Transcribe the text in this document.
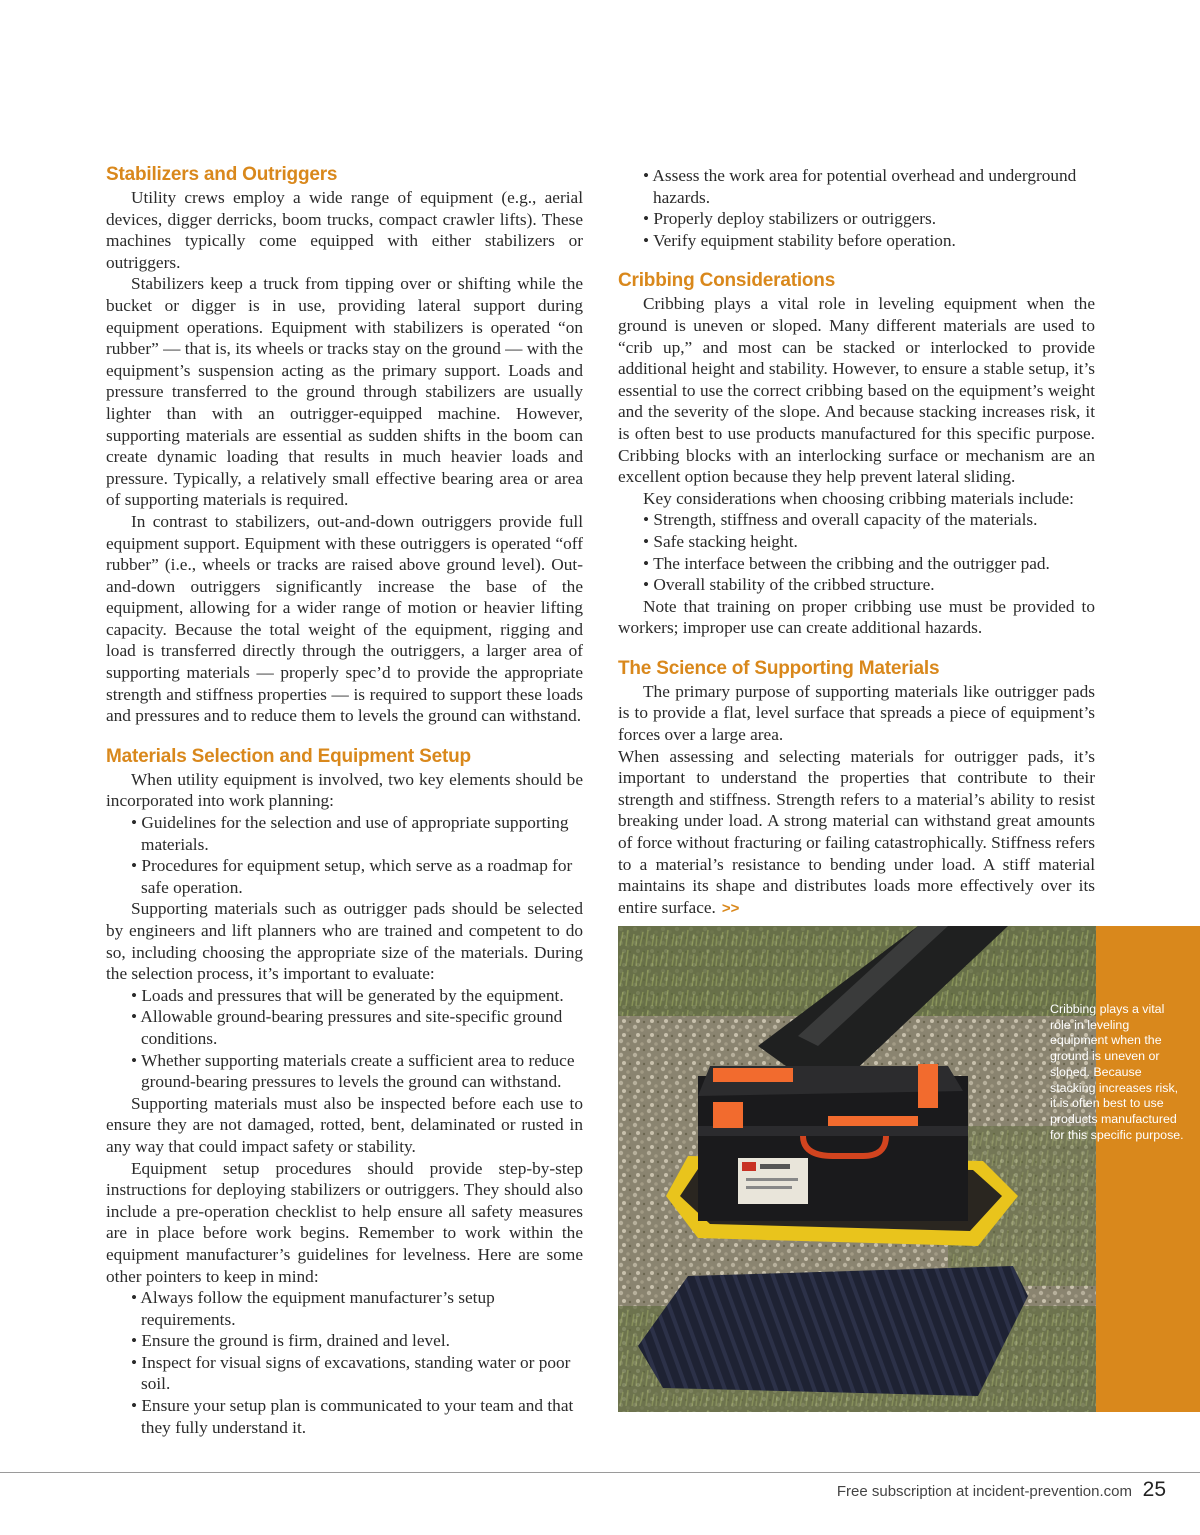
Stabilizers and Outriggers

Utility crews employ a wide range of equipment (e.g., aerial devices, digger derricks, boom trucks, compact crawler lifts). These machines typically come equipped with either stabilizers or outriggers.

Stabilizers keep a truck from tipping over or shifting while the bucket or digger is in use, providing lateral support during equipment operations. Equipment with stabilizers is operated “on rubber” — that is, its wheels or tracks stay on the ground — with the equipment’s suspension acting as the primary support. Loads and pressure transferred to the ground through stabilizers are usually lighter than with an outrigger-equipped machine. However, supporting materials are essential as sudden shifts in the boom can create dynamic loading that results in much heavier loads and pressure. Typically, a relatively small effective bearing area or area of supporting materials is required.

In contrast to stabilizers, out-and-down outriggers provide full equipment support. Equipment with these outriggers is operated “off rubber” (i.e., wheels or tracks are raised above ground level). Out-and-down outriggers significantly increase the base of the equipment, allowing for a wider range of motion or heavier lifting capacity. Because the total weight of the equipment, rigging and load is transferred directly through the outriggers, a larger area of supporting materials — properly spec’d to provide the appropriate strength and stiffness properties — is required to support these loads and pressures and to reduce them to levels the ground can withstand.

Materials Selection and Equipment Setup

When utility equipment is involved, two key elements should be incorporated into work planning:

• Guidelines for the selection and use of appropriate supporting materials.
• Procedures for equipment setup, which serve as a roadmap for safe operation.

Supporting materials such as outrigger pads should be selected by engineers and lift planners who are trained and competent to do so, including choosing the appropriate size of the materials. During the selection process, it’s important to evaluate:

• Loads and pressures that will be generated by the equipment.
• Allowable ground-bearing pressures and site-specific ground conditions.
• Whether supporting materials create a sufficient area to reduce ground-bearing pressures to levels the ground can withstand.

Supporting materials must also be inspected before each use to ensure they are not damaged, rotted, bent, delaminated or rusted in any way that could impact safety or stability.

Equipment setup procedures should provide step-by-step instructions for deploying stabilizers or outriggers. They should also include a pre-operation checklist to help ensure all safety measures are in place before work begins. Remember to work within the equipment manufacturer’s guidelines for levelness. Here are some other pointers to keep in mind:

• Always follow the equipment manufacturer’s setup requirements.
• Ensure the ground is firm, drained and level.
• Inspect for visual signs of excavations, standing water or poor soil.
• Ensure your setup plan is communicated to your team and that they fully understand it.
• Assess the work area for potential overhead and underground hazards.
• Properly deploy stabilizers or outriggers.
• Verify equipment stability before operation.
Cribbing Considerations

Cribbing plays a vital role in leveling equipment when the ground is uneven or sloped. Many different materials are used to “crib up,” and most can be stacked or interlocked to provide additional height and stability. However, to ensure a stable setup, it’s essential to use the correct cribbing based on the equipment’s weight and the severity of the slope. And because stacking increases risk, it is often best to use products manufactured for this specific purpose. Cribbing blocks with an interlocking surface or mechanism are an excellent option because they help prevent lateral sliding.

Key considerations when choosing cribbing materials include:

• Strength, stiffness and overall capacity of the materials.
• Safe stacking height.
• The interface between the cribbing and the outrigger pad.
• Overall stability of the cribbed structure.

Note that training on proper cribbing use must be provided to workers; improper use can create additional hazards.

The Science of Supporting Materials

The primary purpose of supporting materials like outrigger pads is to provide a flat, level surface that spreads a piece of equipment’s forces over a large area.

When assessing and selecting materials for outrigger pads, it’s important to understand the properties that contribute to their strength and stiffness. Strength refers to a material’s ability to resist breaking under load. A strong material can withstand great amounts of force without fracturing or failing catastrophically. Stiffness refers to a material’s resistance to bending under load. A stiff material maintains its shape and distributes loads more effectively over its entire surface. >>
Cribbing plays a vital role in leveling equipment when the ground is uneven or sloped. Because stacking increases risk, it is often best to use products manufactured for this specific purpose.
Free subscription at incident-prevention.com 25
